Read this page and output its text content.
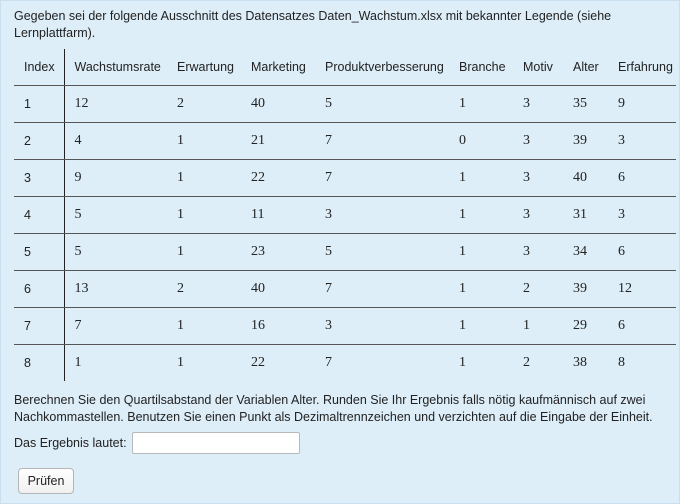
Gegeben sei der folgende Ausschnitt des Datensatzes Daten_Wachstum.xlsx mit bekannter Legende (siehe Lernplattfarm).
Index	Wachstumsrate	Erwartung	Marketing	Produktverbesserung	Branche	Motiv	Alter	Erfahrung
1	12	2	40	5	1	3	35	9
2	4	1	21	7	0	3	39	3
3	9	1	22	7	1	3	40	6
4	5	1	11	3	1	3	31	3
5	5	1	23	5	1	3	34	6
6	13	2	40	7	1	2	39	12
7	7	1	16	3	1	1	29	6
8	1	1	22	7	1	2	38	8
Berechnen Sie den Quartilsabstand der Variablen Alter. Runden Sie Ihr Ergebnis falls nötig kaufmännisch auf zwei Nachkommastellen. Benutzen Sie einen Punkt als Dezimaltrennzeichen und verzichten auf die Eingabe der Einheit.
Das Ergebnis lautet:
Prüfen
